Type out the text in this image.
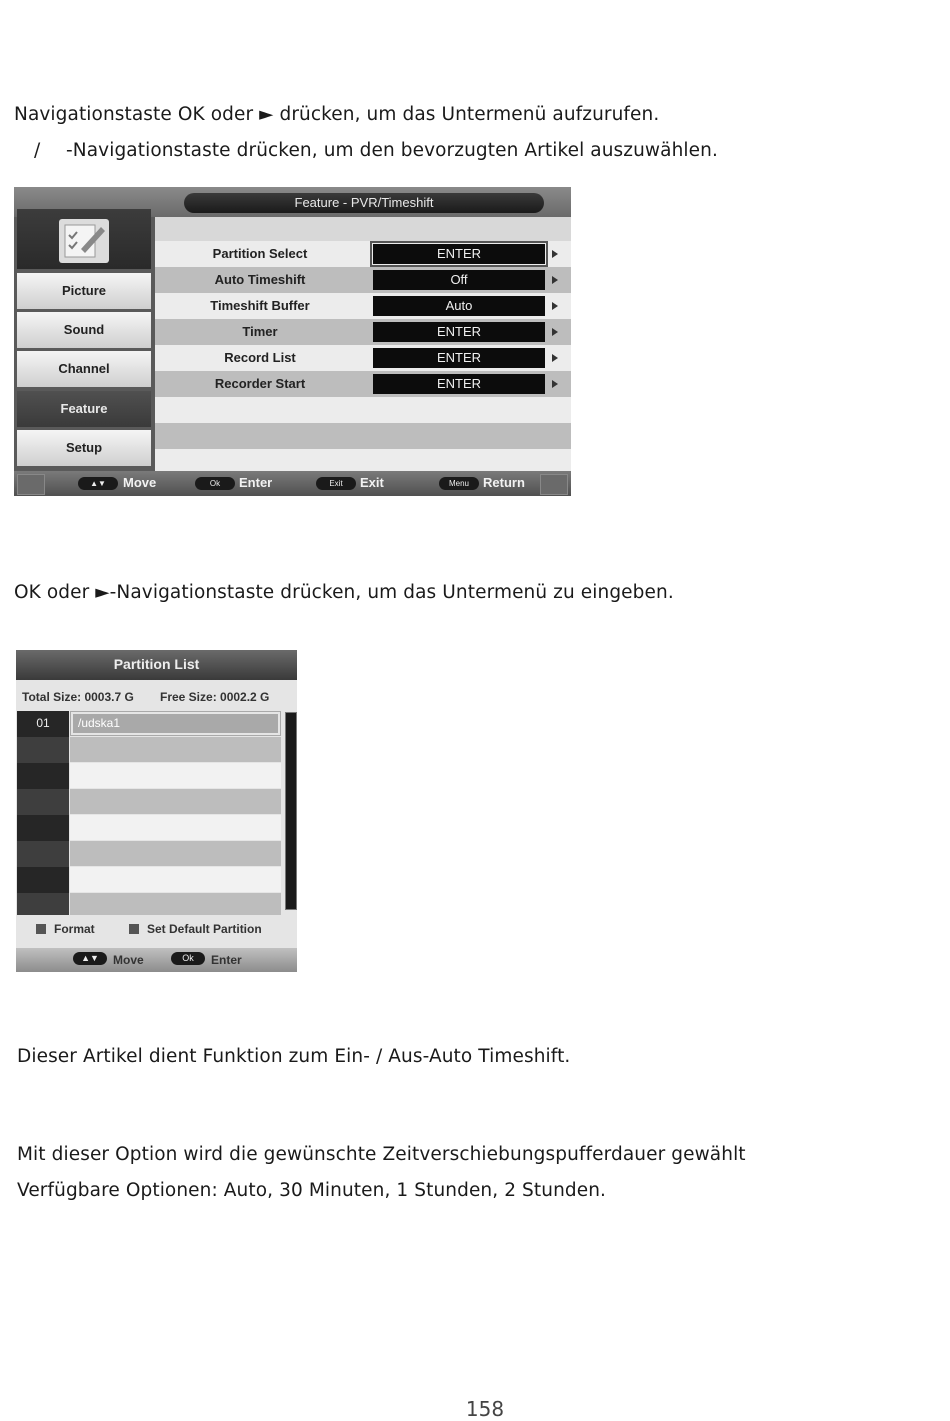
Navigationstaste OK oder ► drücken, um das Untermenü aufzurufen.
/ -Navigationstaste drücken, um den bevorzugten Artikel auszuwählen.
Feature - PVR/Timeshift
Picture
Sound
Channel
Feature
Setup
Partition Select	ENTER
Auto Timeshift	Off
Timeshift Buffer	Auto
Timer	ENTER
Record List	ENTER
Recorder Start	ENTER
▲▼	Move	Ok	Enter	Exit	Exit	Menu	Return
OK oder ►-Navigationstaste drücken, um das Untermenü zu eingeben.
Partition List
Total Size: 0003.7 G Free Size: 0002.2 G
01	/udska1
Format	Set Default Partition
▲▼	Move	Ok	Enter
Dieser Artikel dient Funktion zum Ein- / Aus-Auto Timeshift.
Mit dieser Option wird die gewünschte Zeitverschiebungspufferdauer gewählt
Verfügbare Optionen: Auto, 30 Minuten, 1 Stunden, 2 Stunden.
158
